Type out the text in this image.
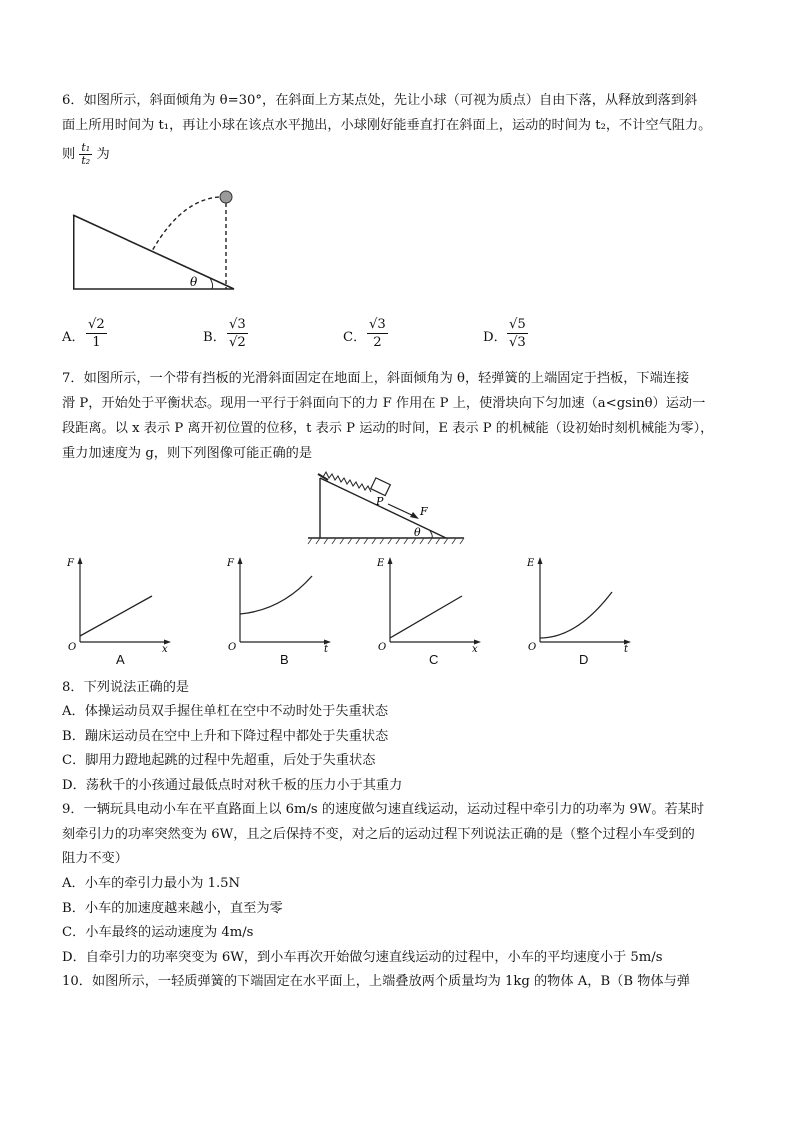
6．如图所示，斜面倾角为 θ=30°，在斜面上方某点处，先让小球（可视为质点）自由下落，从释放到落到斜
面上所用时间为 t₁，再让小球在该点水平抛出，小球刚好能垂直打在斜面上，运动的时间为 t₂，不计空气阻力。
则 $\frac{\text{t₁}}{\text{t₂}}$ 为
θ
A． $\frac{√2}{1}$	B． $\frac{√3}{√2}$	C． $\frac{√3}{2}$	D． $\frac{√5}{√3}$
7．如图所示，一个带有挡板的光滑斜面固定在地面上，斜面倾角为 θ，轻弹簧的上端固定于挡板，下端连接
滑 P，开始处于平衡状态。现用一平行于斜面向下的力 F 作用在 P 上，使滑块向下匀加速（a<gsinθ）运动一
段距离。以 x 表示 P 离开初位置的位移，t 表示 P 运动的时间，E 表示 P 的机械能（设初始时刻机械能为零），
重力加速度为 g，则下列图像可能正确的是
P
F
θ
F
x
O
F
t
O
E
x
O
E
t
O
A	B	C	D
8．下列说法正确的是
A．体操运动员双手握住单杠在空中不动时处于失重状态
B．蹦床运动员在空中上升和下降过程中都处于失重状态
C．脚用力蹬地起跳的过程中先超重，后处于失重状态
D．荡秋千的小孩通过最低点时对秋千板的压力小于其重力
9．一辆玩具电动小车在平直路面上以 6m/s 的速度做匀速直线运动，运动过程中牵引力的功率为 9W。若某时
刻牵引力的功率突然变为 6W，且之后保持不变，对之后的运动过程下列说法正确的是（整个过程小车受到的
阻力不变）
A．小车的牵引力最小为 1.5N
B．小车的加速度越来越小，直至为零
C．小车最终的运动速度为 4m/s
D．自牵引力的功率突变为 6W，到小车再次开始做匀速直线运动的过程中，小车的平均速度小于 5m/s
10．如图所示，一轻质弹簧的下端固定在水平面上，上端叠放两个质量均为 1kg 的物体 A，B（B 物体与弹
